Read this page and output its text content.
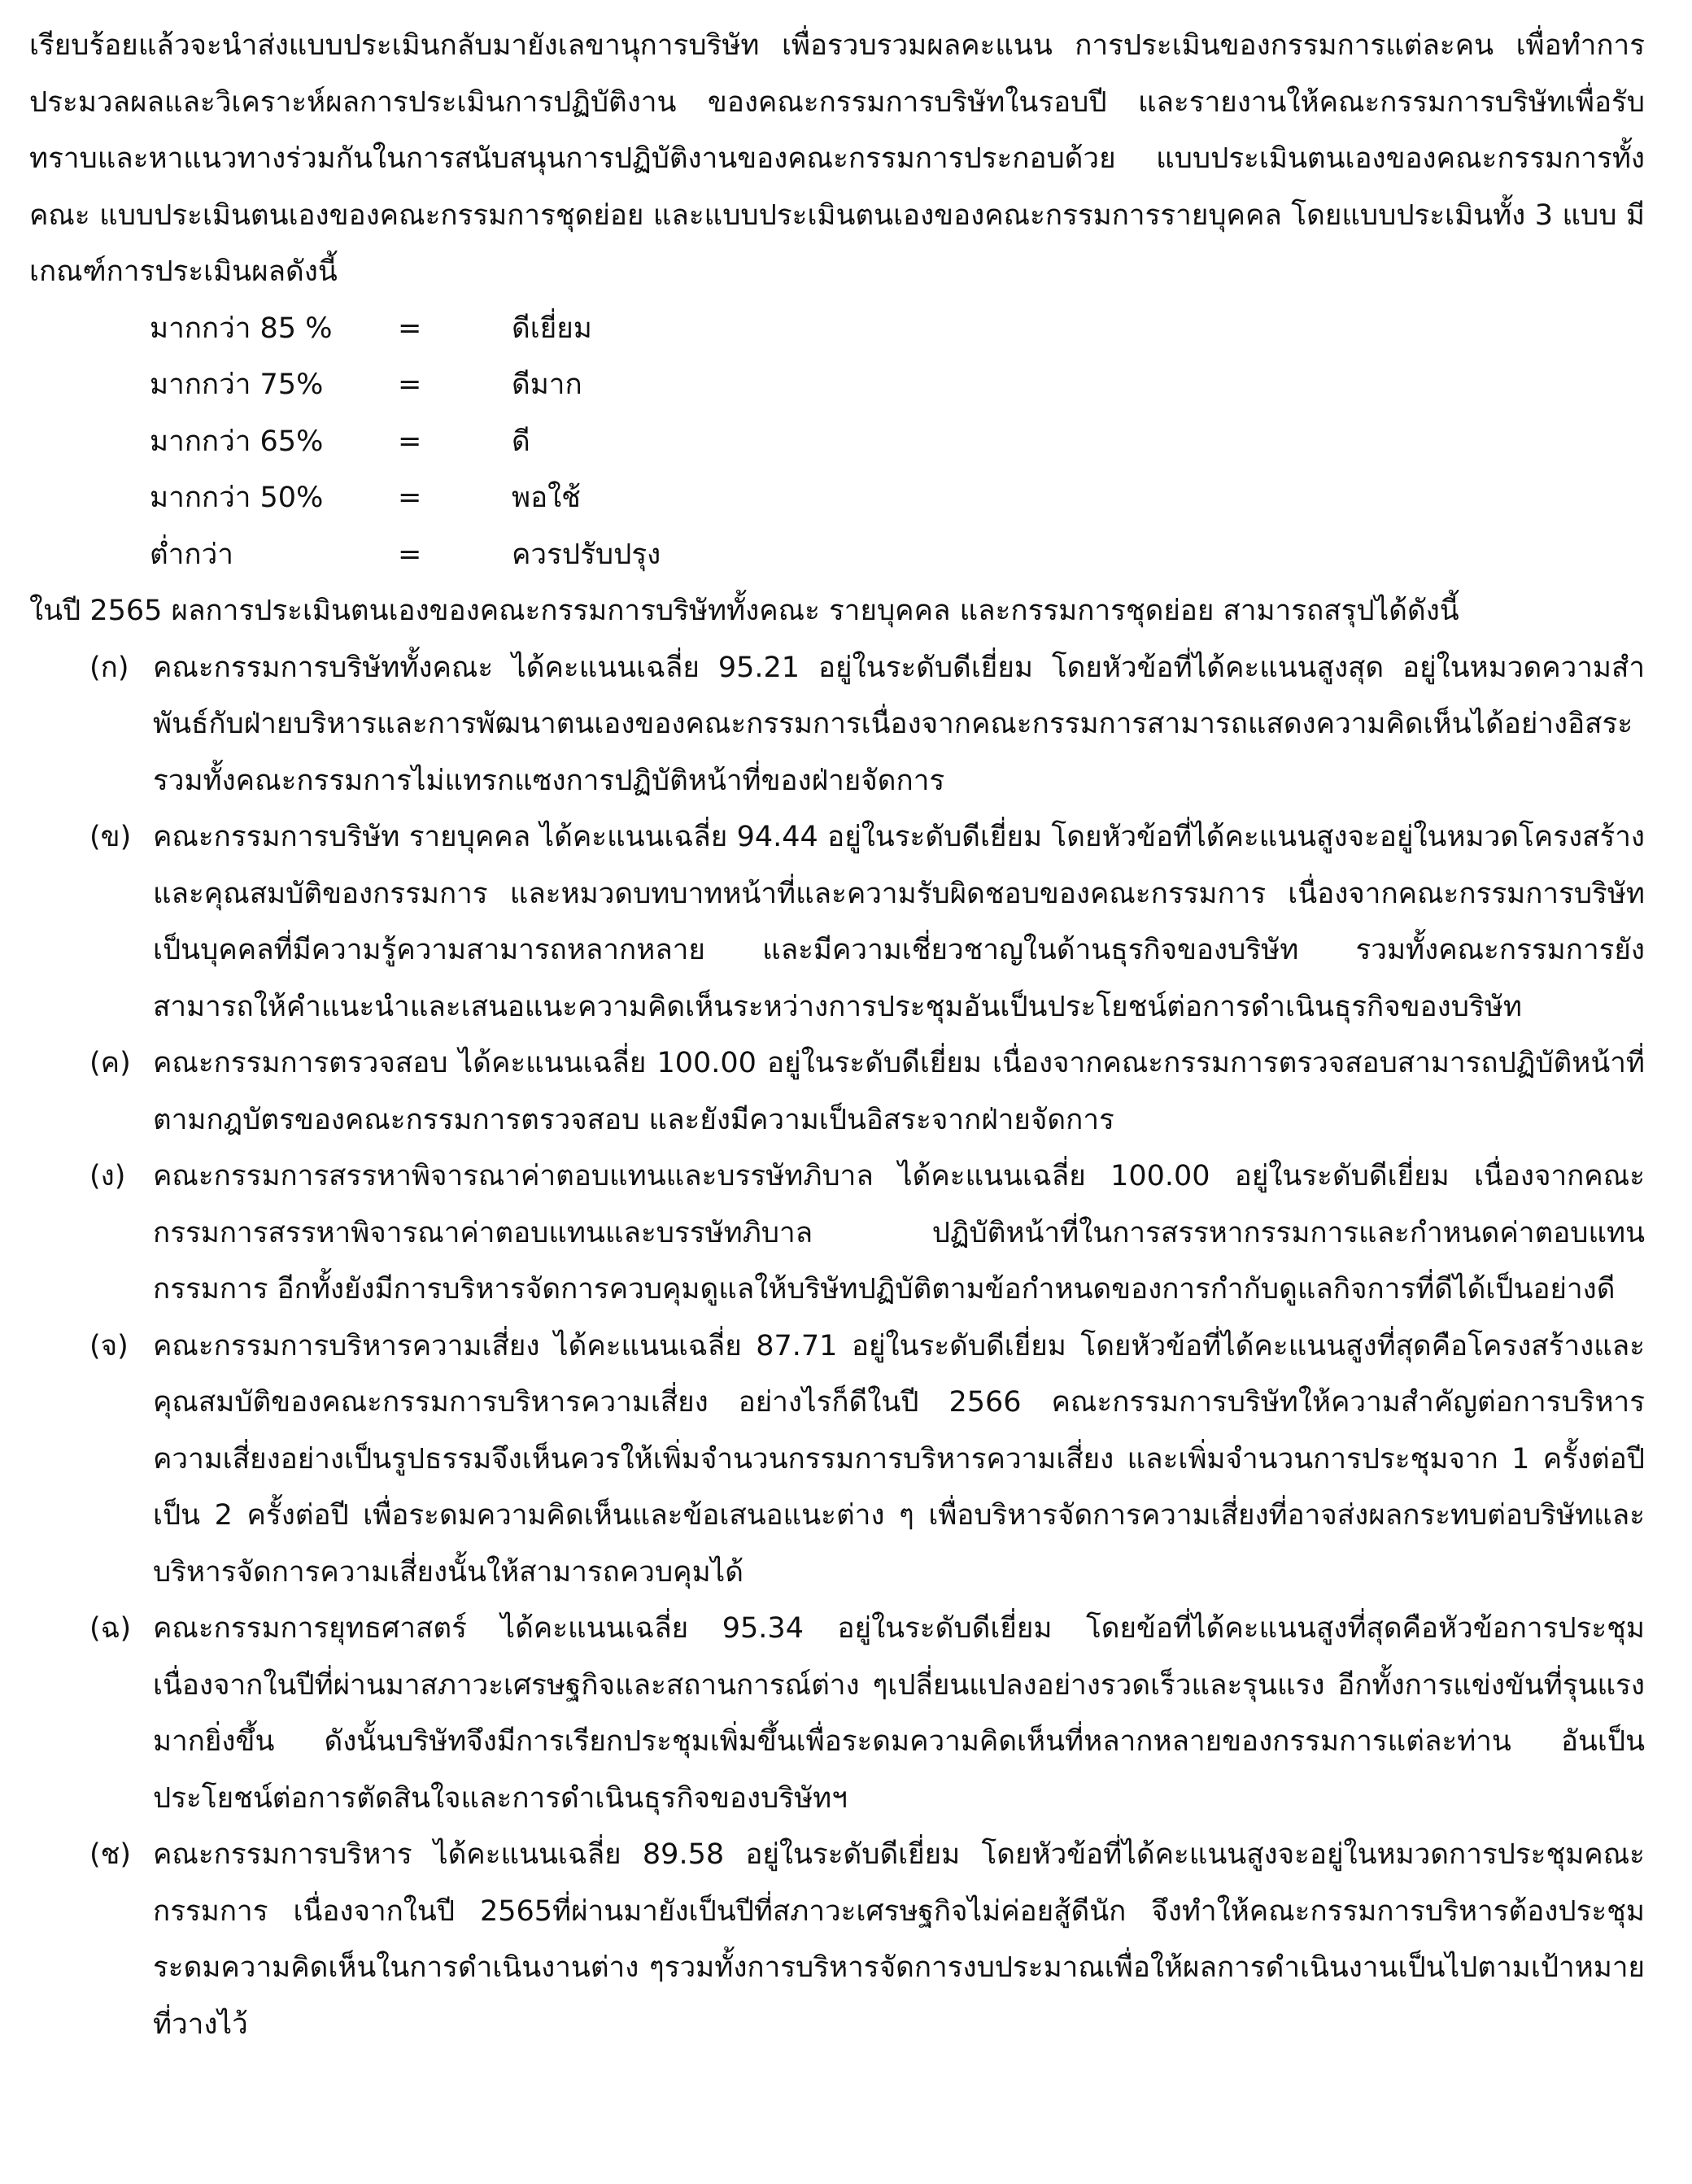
เรียบร้อยแล้วจะนำส่งแบบประเมินกลับมายังเลขานุการบริษัท เพื่อรวบรวมผลคะแนน การประเมินของกรรมการแต่ละคน เพื่อทำการประมวลผลและวิเคราะห์ผลการประเมินการปฏิบัติงาน ของคณะกรรมการบริษัทในรอบปี และรายงานให้คณะกรรมการบริษัทเพื่อรับทราบและหาแนวทางร่วมกันในการสนับสนุนการปฏิบัติงานของคณะกรรมการประกอบด้วย แบบประเมินตนเองของคณะกรรมการทั้งคณะ แบบประเมินตนเองของคณะกรรมการชุดย่อย และแบบประเมินตนเองของคณะกรรมการรายบุคคล โดยแบบประเมินทั้ง 3 แบบ มีเกณฑ์การประเมินผลดังนี้

มากกว่า 85 %	=	ดีเยี่ยม
มากกว่า 75%	=	ดีมาก
มากกว่า 65%	=	ดี
มากกว่า 50%	=	พอใช้
ต่ำกว่า	=	ควรปรับปรุง

ในปี 2565 ผลการประเมินตนเองของคณะกรรมการบริษัททั้งคณะ รายบุคคล และกรรมการชุดย่อย สามารถสรุปได้ดังนี้

(ก) คณะกรรมการบริษัททั้งคณะ ได้คะแนนเฉลี่ย 95.21 อยู่ในระดับดีเยี่ยม โดยหัวข้อที่ได้คะแนนสูงสุด อยู่ในหมวดความสำพันธ์กับฝ่ายบริหารและการพัฒนาตนเองของคณะกรรมการเนื่องจากคณะกรรมการสามารถแสดงความคิดเห็นได้อย่างอิสระรวมทั้งคณะกรรมการไม่แทรกแซงการปฏิบัติหน้าที่ของฝ่ายจัดการ
(ข) คณะกรรมการบริษัท รายบุคคล ได้คะแนนเฉลี่ย 94.44 อยู่ในระดับดีเยี่ยม โดยหัวข้อที่ได้คะแนนสูงจะอยู่ในหมวดโครงสร้างและคุณสมบัติของกรรมการ และหมวดบทบาทหน้าที่และความรับผิดชอบของคณะกรรมการ เนื่องจากคณะกรรมการบริษัทเป็นบุคคลที่มีความรู้ความสามารถหลากหลาย และมีความเชี่ยวชาญในด้านธุรกิจของบริษัท รวมทั้งคณะกรรมการยังสามารถให้คำแนะนำและเสนอแนะความคิดเห็นระหว่างการประชุมอันเป็นประโยชน์ต่อการดำเนินธุรกิจของบริษัท
(ค) คณะกรรมการตรวจสอบ ได้คะแนนเฉลี่ย 100.00 อยู่ในระดับดีเยี่ยม เนื่องจากคณะกรรมการตรวจสอบสามารถปฏิบัติหน้าที่ตามกฎบัตรของคณะกรรมการตรวจสอบ และยังมีความเป็นอิสระจากฝ่ายจัดการ
(ง) คณะกรรมการสรรหาพิจารณาค่าตอบแทนและบรรษัทภิบาล ได้คะแนนเฉลี่ย 100.00 อยู่ในระดับดีเยี่ยม เนื่องจากคณะกรรมการสรรหาพิจารณาค่าตอบแทนและบรรษัทภิบาล ปฏิบัติหน้าที่ในการสรรหากรรมการและกำหนดค่าตอบแทนกรรมการ อีกทั้งยังมีการบริหารจัดการควบคุมดูแลให้บริษัทปฏิบัติตามข้อกำหนดของการกำกับดูแลกิจการที่ดีได้เป็นอย่างดี
(จ) คณะกรรมการบริหารความเสี่ยง ได้คะแนนเฉลี่ย 87.71 อยู่ในระดับดีเยี่ยม โดยหัวข้อที่ได้คะแนนสูงที่สุดคือโครงสร้างและคุณสมบัติของคณะกรรมการบริหารความเสี่ยง อย่างไรก็ดีในปี 2566 คณะกรรมการบริษัทให้ความสำคัญต่อการบริหารความเสี่ยงอย่างเป็นรูปธรรมจึงเห็นควรให้เพิ่มจำนวนกรรมการบริหารความเสี่ยง และเพิ่มจำนวนการประชุมจาก 1 ครั้งต่อปี เป็น 2 ครั้งต่อปี เพื่อระดมความคิดเห็นและข้อเสนอแนะต่าง ๆ เพื่อบริหารจัดการความเสี่ยงที่อาจส่งผลกระทบต่อบริษัทและบริหารจัดการความเสี่ยงนั้นให้สามารถควบคุมได้
(ฉ) คณะกรรมการยุทธศาสตร์ ได้คะแนนเฉลี่ย 95.34 อยู่ในระดับดีเยี่ยม โดยข้อที่ได้คะแนนสูงที่สุดคือหัวข้อการประชุมเนื่องจากในปีที่ผ่านมาสภาวะเศรษฐกิจและสถานการณ์ต่าง ๆเปลี่ยนแปลงอย่างรวดเร็วและรุนแรง อีกทั้งการแข่งขันที่รุนแรงมากยิ่งขึ้น ดังนั้นบริษัทจึงมีการเรียกประชุมเพิ่มขึ้นเพื่อระดมความคิดเห็นที่หลากหลายของกรรมการแต่ละท่าน อันเป็นประโยชน์ต่อการตัดสินใจและการดำเนินธุรกิจของบริษัทฯ
(ช) คณะกรรมการบริหาร ได้คะแนนเฉลี่ย 89.58 อยู่ในระดับดีเยี่ยม โดยหัวข้อที่ได้คะแนนสูงจะอยู่ในหมวดการประชุมคณะกรรมการ เนื่องจากในปี 2565ที่ผ่านมายังเป็นปีที่สภาวะเศรษฐกิจไม่ค่อยสู้ดีนัก จึงทำให้คณะกรรมการบริหารต้องประชุมระดมความคิดเห็นในการดำเนินงานต่าง ๆรวมทั้งการบริหารจัดการงบประมาณเพื่อให้ผลการดำเนินงานเป็นไปตามเป้าหมายที่วางไว้
